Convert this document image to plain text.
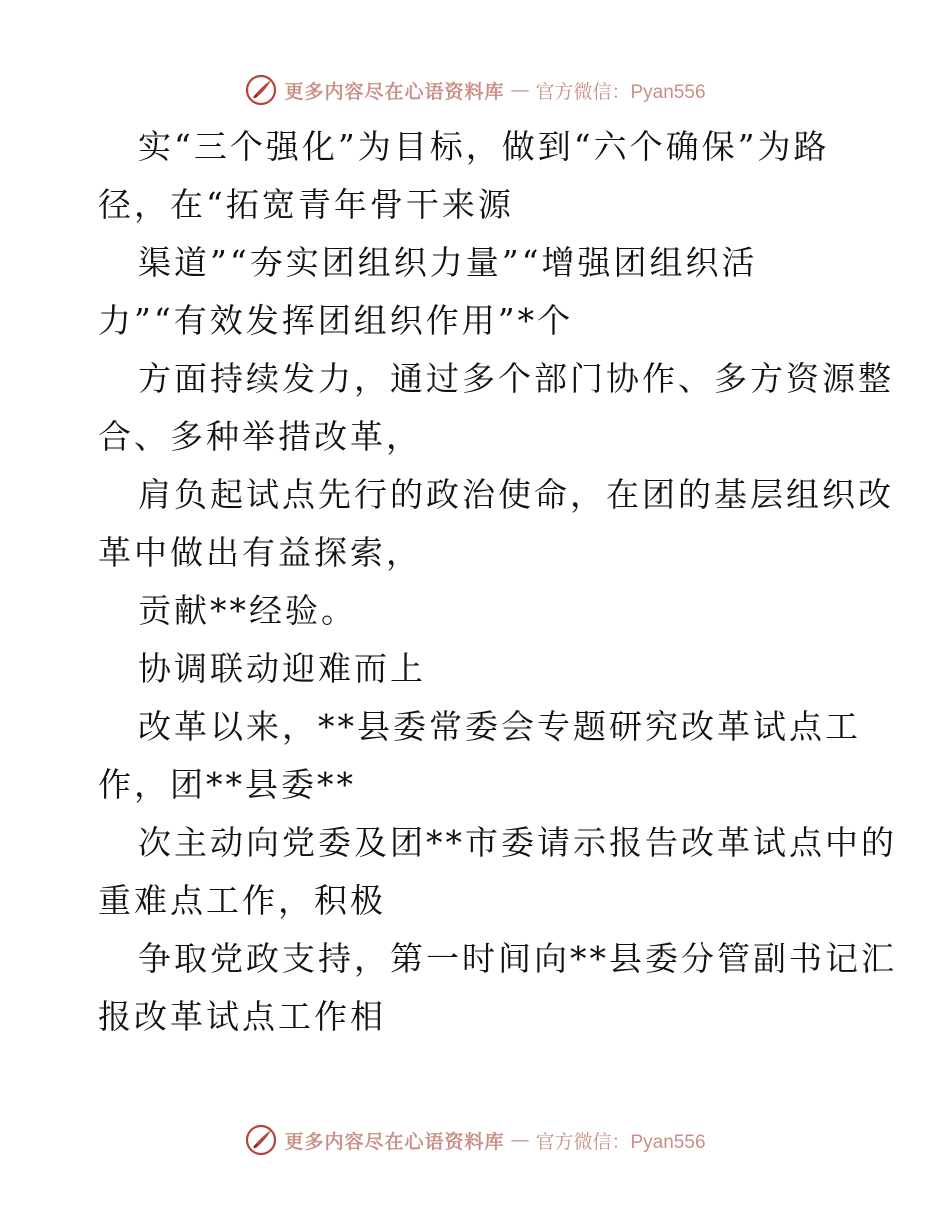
更多内容尽在心语资料库 — 官方微信：Pyan556
实“三个强化”为目标，做到“六个确保”为路
径，在“拓宽青年骨干来源
渠道”“夯实团组织力量”“增强团组织活
力”“有效发挥团组织作用”*个
方面持续发力，通过多个部门协作、多方资源整
合、多种举措改革，
肩负起试点先行的政治使命，在团的基层组织改
革中做出有益探索，
贡献**经验。
协调联动迎难而上
改革以来，**县委常委会专题研究改革试点工
作，团**县委**
次主动向党委及团**市委请示报告改革试点中的
重难点工作，积极
争取党政支持，第一时间向**县委分管副书记汇
报改革试点工作相
更多内容尽在心语资料库 — 官方微信：Pyan556
